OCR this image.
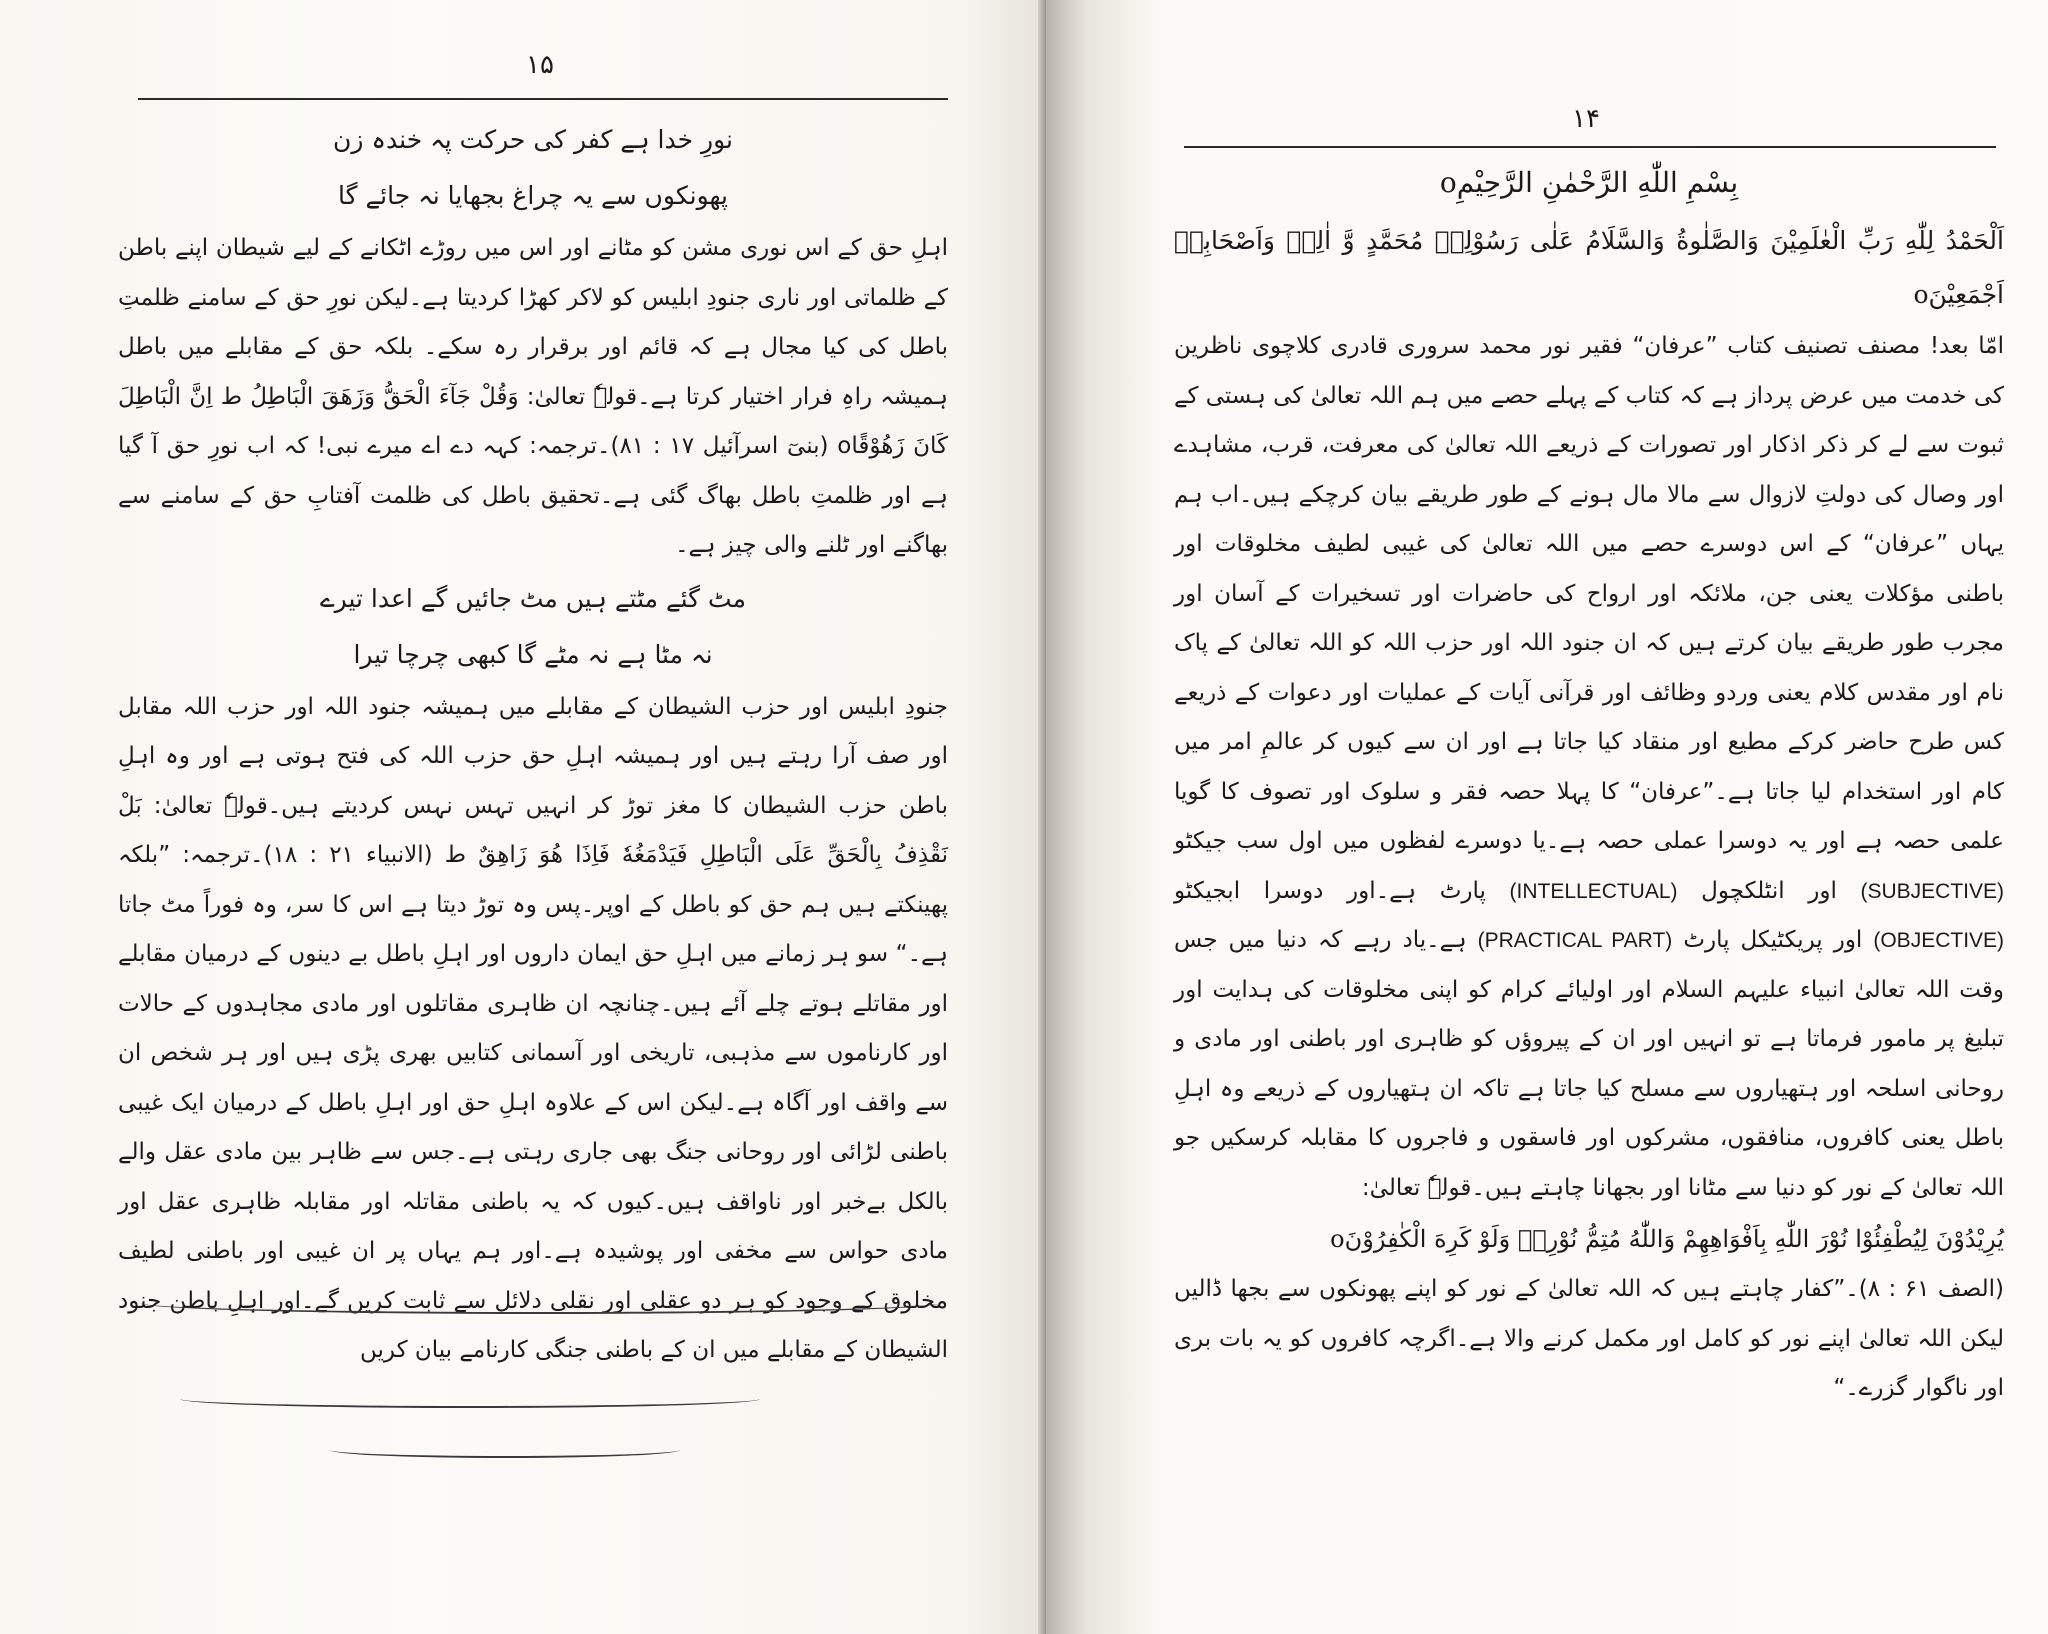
۱۵
نورِ خدا ہے کفر کی حرکت پہ خندہ زن
پھونکوں سے یہ چراغ بجھایا نہ جائے گا

اہلِ حق کے اس نوری مشن کو مٹانے اور اس میں روڑے اٹکانے کے لیے شیطان اپنے باطن کے ظلماتی اور ناری جنودِ ابلیس کو لاکر کھڑا کردیتا ہے۔لیکن نورِ حق کے سامنے ظلمتِ باطل کی کیا مجال ہے کہ قائم اور برقرار رہ سکے۔ بلکہ حق کے مقابلے میں باطل ہمیشہ راہِ فرار اختیار کرتا ہے۔قولہٗ تعالیٰ: وَقُلْ جَآءَ الْحَقُّ وَزَهَقَ الْبَاطِلُ ط اِنَّ الْبَاطِلَ كَانَ زَهُوْقًاo (بنیٓ اسرآئیل ۱۷ : ۸۱)۔ترجمہ: کہہ دے اے میرے نبی! کہ اب نورِ حق آ گیا ہے اور ظلمتِ باطل بھاگ گئی ہے۔تحقیق باطل کی ظلمت آفتابِ حق کے سامنے سے بھاگنے اور ٹلنے والی چیز ہے۔

مٹ گئے مٹتے ہیں مٹ جائیں گے اعدا تیرے
نہ مٹا ہے نہ مٹے گا کبھی چرچا تیرا

جنودِ ابلیس اور حزب الشیطان کے مقابلے میں ہمیشہ جنود اللہ اور حزب اللہ مقابل اور صف آرا رہتے ہیں اور ہمیشہ اہلِ حق حزب اللہ کی فتح ہوتی ہے اور وہ اہلِ باطن حزب الشیطان کا مغز توڑ کر انہیں تہس نہس کردیتے ہیں۔قولہٗ تعالیٰ: بَلْ نَقْذِفُ بِالْحَقِّ عَلَى الْبَاطِلِ فَيَدْمَغُهٗ فَاِذَا هُوَ زَاهِقٌ ط (الانبیاء ۲۱ : ۱۸)۔ترجمہ: ”بلکہ پھینکتے ہیں ہم حق کو باطل کے اوپر۔پس وہ توڑ دیتا ہے اس کا سر، وہ فوراً مٹ جاتا ہے۔“ سو ہر زمانے میں اہلِ حق ایمان داروں اور اہلِ باطل بے دینوں کے درمیان مقابلے اور مقاتلے ہوتے چلے آئے ہیں۔چنانچہ ان ظاہری مقاتلوں اور مادی مجاہدوں کے حالات اور کارناموں سے مذہبی، تاریخی اور آسمانی کتابیں بھری پڑی ہیں اور ہر شخص ان سے واقف اور آگاہ ہے۔لیکن اس کے علاوہ اہلِ حق اور اہلِ باطل کے درمیان ایک غیبی باطنی لڑائی اور روحانی جنگ بھی جاری رہتی ہے۔جس سے ظاہر بین مادی عقل والے بالکل بےخبر اور ناواقف ہیں۔کیوں کہ یہ باطنی مقاتلہ اور مقابلہ ظاہری عقل اور مادی حواس سے مخفی اور پوشیدہ ہے۔اور ہم یہاں پر ان غیبی اور باطنی لطیف مخلوق کے وجود کو ہر دو عقلی اور نقلی دلائل سے ثابت کریں گے۔اور اہلِ باطن جنود الشیطان کے مقابلے میں ان کے باطنی جنگی کارنامے بیان کریں

۱۴
بِسْمِ اللّٰهِ الرَّحْمٰنِ الرَّحِيْمِo

اَلْحَمْدُ لِلّٰهِ رَبِّ الْعٰلَمِيْنَ وَالصَّلٰوةُ وَالسَّلَامُ عَلٰى رَسُوْلِهٖ مُحَمَّدٍ وَّ اٰلِهٖ وَاَصْحَابِهٖ اَجْمَعِيْنَo

امّا بعد! مصنف تصنیف کتاب ”عرفان“ فقیر نور محمد سروری قادری کلاچوی ناظرین کی خدمت میں عرض پرداز ہے کہ کتاب کے پہلے حصے میں ہم اللہ تعالیٰ کی ہستی کے ثبوت سے لے کر ذکر اذکار اور تصورات کے ذریعے اللہ تعالیٰ کی معرفت، قرب، مشاہدے اور وصال کی دولتِ لازوال سے مالا مال ہونے کے طور طریقے بیان کرچکے ہیں۔اب ہم یہاں ”عرفان“ کے اس دوسرے حصے میں اللہ تعالیٰ کی غیبی لطیف مخلوقات اور باطنی مؤکلات یعنی جن، ملائکہ اور ارواح کی حاضرات اور تسخیرات کے آسان اور مجرب طور طریقے بیان کرتے ہیں کہ ان جنود اللہ اور حزب اللہ کو اللہ تعالیٰ کے پاک نام اور مقدس کلام یعنی وردو وظائف اور قرآنی آیات کے عملیات اور دعوات کے ذریعے کس طرح حاضر کرکے مطیع اور منقاد کیا جاتا ہے اور ان سے کیوں کر عالمِ امر میں کام اور استخدام لیا جاتا ہے۔”عرفان“ کا پہلا حصہ فقر و سلوک اور تصوف کا گویا علمی حصہ ہے اور یہ دوسرا عملی حصہ ہے۔یا دوسرے لفظوں میں اول سب جیکٹو (SUBJECTIVE) اور انٹلکچول (INTELLECTUAL) پارٹ ہے۔اور دوسرا ابجیکٹو (OBJECTIVE) اور پریکٹیکل پارٹ (PRACTICAL PART) ہے۔یاد رہے کہ دنیا میں جس وقت اللہ تعالیٰ انبیاء علیہم السلام اور اولیائے کرام کو اپنی مخلوقات کی ہدایت اور تبلیغ پر مامور فرماتا ہے تو انہیں اور ان کے پیروؤں کو ظاہری اور باطنی اور مادی و روحانی اسلحہ اور ہتھیاروں سے مسلح کیا جاتا ہے تاکہ ان ہتھیاروں کے ذریعے وہ اہلِ باطل یعنی کافروں، منافقوں، مشرکوں اور فاسقوں و فاجروں کا مقابلہ کرسکیں جو اللہ تعالیٰ کے نور کو دنیا سے مٹانا اور بجھانا چاہتے ہیں۔قولہٗ تعالیٰ:

يُرِيْدُوْنَ لِيُطْفِئُوْا نُوْرَ اللّٰهِ بِاَفْوَاهِهِمْ وَاللّٰهُ مُتِمُّ نُوْرِهٖ وَلَوْ كَرِهَ الْكٰفِرُوْنَo

(الصف ۶۱ : ۸)۔”کفار چاہتے ہیں کہ اللہ تعالیٰ کے نور کو اپنے پھونکوں سے بجھا ڈالیں لیکن اللہ تعالیٰ اپنے نور کو کامل اور مکمل کرنے والا ہے۔اگرچہ کافروں کو یہ بات بری اور ناگوار گزرے۔“
